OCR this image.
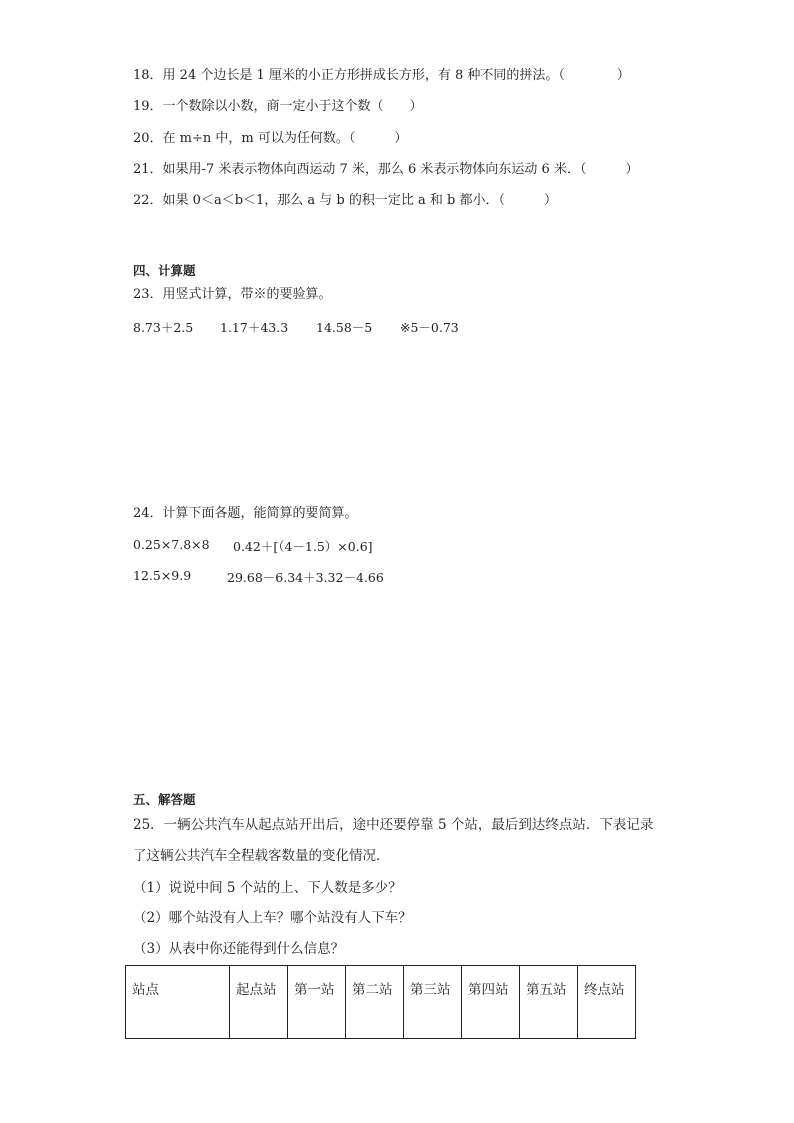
18．用 24 个边长是 1 厘米的小正方形拼成长方形，有 8 种不同的拼法。（　　　　）
19．一个数除以小数，商一定小于这个数（　　）
20．在 m÷n 中，m 可以为任何数。（　　　）
21．如果用-7 米表示物体向西运动 7 米，那么 6 米表示物体向东运动 6 米．（　　　）
22．如果 0＜a＜b＜1，那么 a 与 b 的积一定比 a 和 b 都小．（　　　）
四、计算题
23．用竖式计算，带※的要验算。
8.73＋2.5 1.17＋43.3 14.58－5 ※5－0.73
24．计算下面各题，能简算的要简算。
0.25×7.8×8 0.42＋[（4－1.5）×0.6]
12.5×9.9	29.68－6.34＋3.32－4.66
五、解答题
25．一辆公共汽车从起点站开出后，途中还要停靠 5 个站，最后到达终点站．下表记录
了这辆公共汽车全程载客数量的变化情况．
（1）说说中间 5 个站的上、下人数是多少？
（2）哪个站没有人上车？哪个站没有人下车？
（3）从表中你还能得到什么信息？
站点	起点站	第一站	第二站	第三站	第四站	第五站	终点站
